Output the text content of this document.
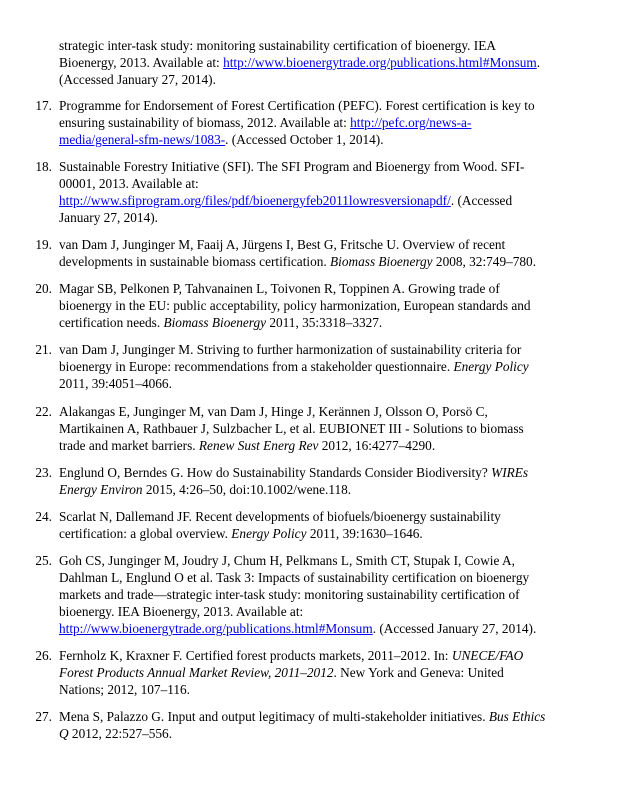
strategic inter-task study: monitoring sustainability certification of bioenergy. IEA
Bioenergy, 2013. Available at: http://www.bioenergytrade.org/publications.html#Monsum.
(Accessed January 27, 2014).
17. Programme for Endorsement of Forest Certification (PEFC). Forest certification is key to
ensuring sustainability of biomass, 2012. Available at: http://pefc.org/news-a-
media/general-sfm-news/1083-. (Accessed October 1, 2014).
18. Sustainable Forestry Initiative (SFI). The SFI Program and Bioenergy from Wood. SFI-
00001, 2013. Available at:
http://www.sfiprogram.org/files/pdf/bioenergyfeb2011lowresversionapdf/. (Accessed
January 27, 2014).
19. van Dam J, Junginger M, Faaij A, Jürgens I, Best G, Fritsche U. Overview of recent
developments in sustainable biomass certification. Biomass Bioenergy 2008, 32:749–780.
20. Magar SB, Pelkonen P, Tahvanainen L, Toivonen R, Toppinen A. Growing trade of
bioenergy in the EU: public acceptability, policy harmonization, European standards and
certification needs. Biomass Bioenergy 2011, 35:3318–3327.
21. van Dam J, Junginger M. Striving to further harmonization of sustainability criteria for
bioenergy in Europe: recommendations from a stakeholder questionnaire. Energy Policy
2011, 39:4051–4066.
22. Alakangas E, Junginger M, van Dam J, Hinge J, Kerännen J, Olsson O, Porsö C,
Martikainen A, Rathbauer J, Sulzbacher L, et al. EUBIONET III - Solutions to biomass
trade and market barriers. Renew Sust Energ Rev 2012, 16:4277–4290.
23. Englund O, Berndes G. How do Sustainability Standards Consider Biodiversity? WIREs
Energy Environ 2015, 4:26–50, doi:10.1002/wene.118.
24. Scarlat N, Dallemand JF. Recent developments of biofuels/bioenergy sustainability
certification: a global overview. Energy Policy 2011, 39:1630–1646.
25. Goh CS, Junginger M, Joudry J, Chum H, Pelkmans L, Smith CT, Stupak I, Cowie A,
Dahlman L, Englund O et al. Task 3: Impacts of sustainability certification on bioenergy
markets and trade—strategic inter-task study: monitoring sustainability certification of
bioenergy. IEA Bioenergy, 2013. Available at:
http://www.bioenergytrade.org/publications.html#Monsum. (Accessed January 27, 2014).
26. Fernholz K, Kraxner F. Certified forest products markets, 2011–2012. In: UNECE/FAO
Forest Products Annual Market Review, 2011–2012. New York and Geneva: United
Nations; 2012, 107–116.
27. Mena S, Palazzo G. Input and output legitimacy of multi-stakeholder initiatives. Bus Ethics
Q 2012, 22:527–556.
